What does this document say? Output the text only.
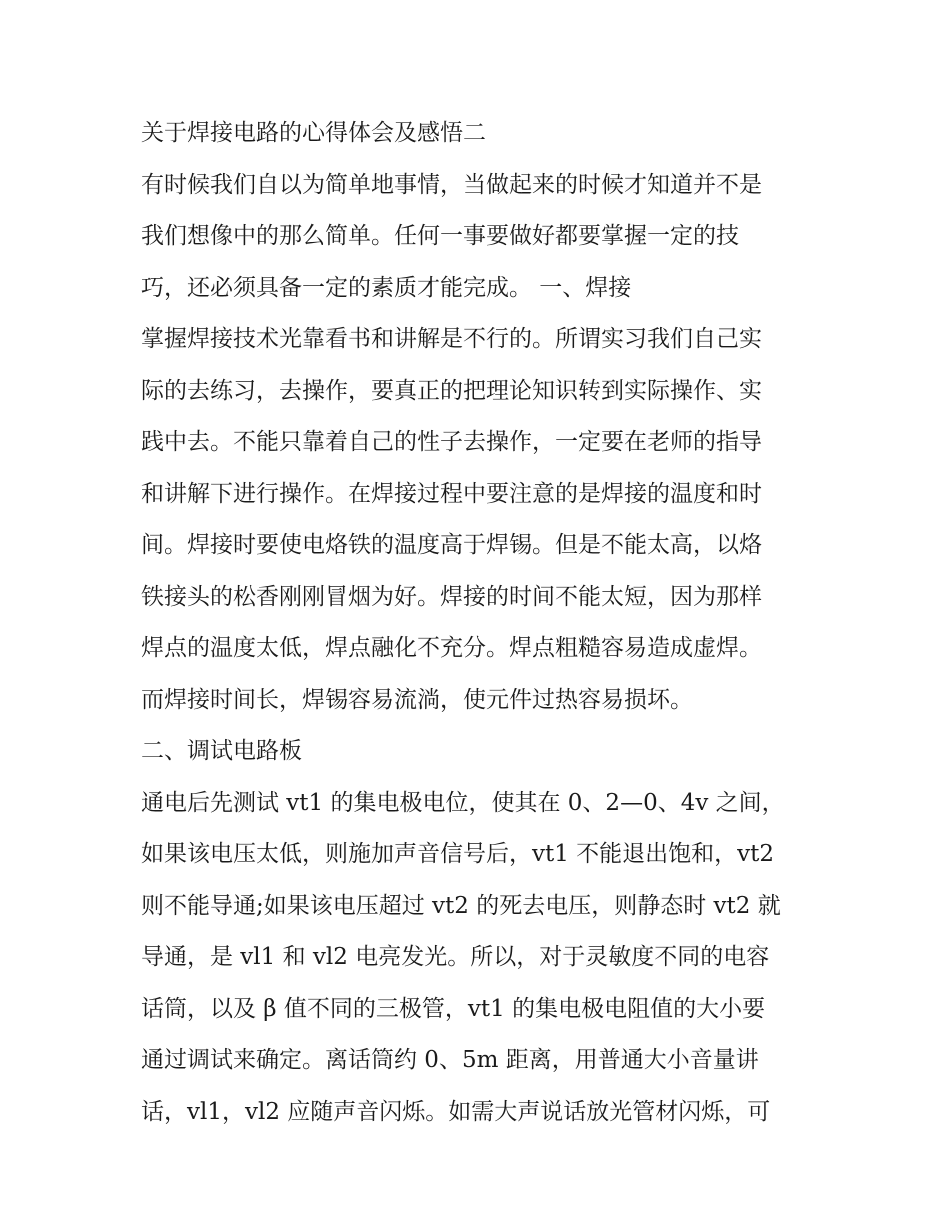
关于焊接电路的心得体会及感悟二
有时候我们自以为简单地事情，当做起来的时候才知道并不是
我们想像中的那么简单。任何一事要做好都要掌握一定的技
巧，还必须具备一定的素质才能完成。 一、焊接
掌握焊接技术光靠看书和讲解是不行的。所谓实习我们自己实
际的去练习，去操作，要真正的把理论知识转到实际操作、实
践中去。不能只靠着自己的性子去操作，一定要在老师的指导
和讲解下进行操作。在焊接过程中要注意的是焊接的温度和时
间。焊接时要使电烙铁的温度高于焊锡。但是不能太高，以烙
铁接头的松香刚刚冒烟为好。焊接的时间不能太短，因为那样
焊点的温度太低，焊点融化不充分。焊点粗糙容易造成虚焊。
而焊接时间长，焊锡容易流淌，使元件过热容易损坏。
二、调试电路板
通电后先测试 vt1 的集电极电位，使其在 0、2—0、4v 之间，
如果该电压太低，则施加声音信号后，vt1 不能退出饱和，vt2
则不能导通;如果该电压超过 vt2 的死去电压，则静态时 vt2 就
导通，是 vl1 和 vl2 电亮发光。所以，对于灵敏度不同的电容
话筒，以及 β 值不同的三极管，vt1 的集电极电阻值的大小要
通过调试来确定。离话筒约 0、5m 距离，用普通大小音量讲
话，vl1，vl2 应随声音闪烁。如需大声说话放光管材闪烁，可
